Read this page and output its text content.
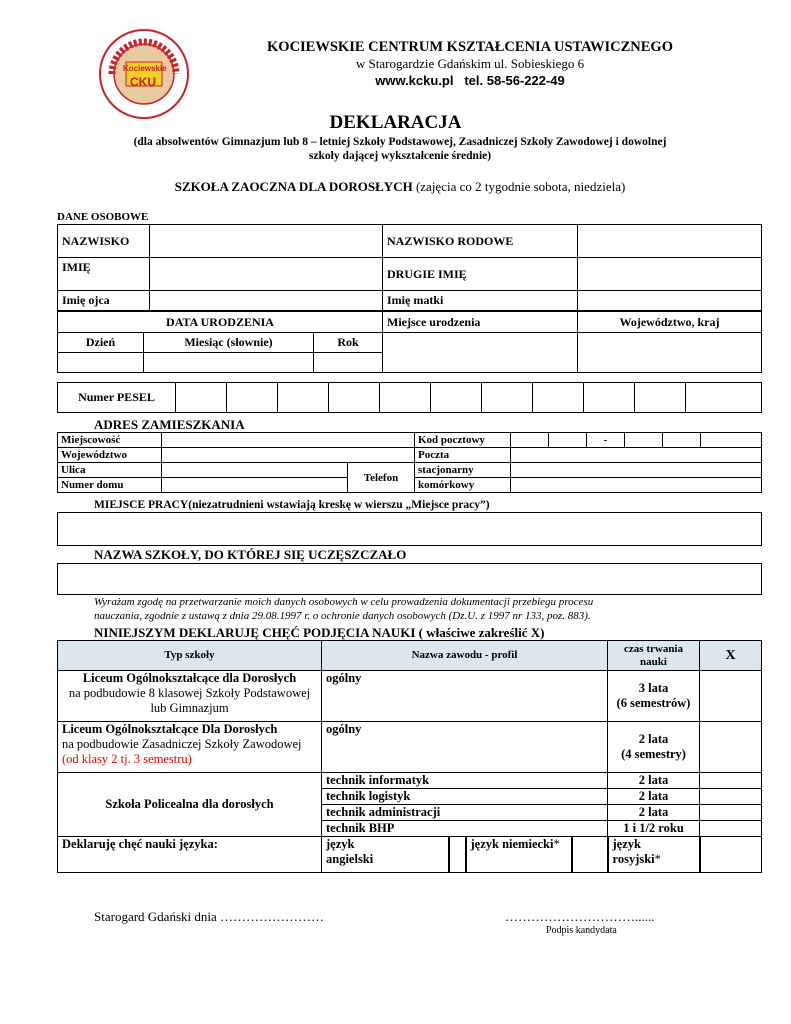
Kociewskie
CKU
KOCIEWSKIE CENTRUM KSZTAŁCENIA USTAWICZNEGO
w Starogardzie Gdańskim ul. Sobieskiego 6
www.kcku.pl   tel. 58-56-222-49
DEKLARACJA
(dla absolwentów Gimnazjum lub 8 – letniej Szkoły Podstawowej, Zasadniczej Szkoły Zawodowej i dowolnej
szkoły dającej wykształcenie średnie)
SZKOŁA ZAOCZNA DLA DOROSŁYCH (zajęcia co 2 tygodnie sobota, niedziela)
DANE OSOBOWE
NAZWISKO		NAZWISKO RODOWE	
IMIĘ		DRUGIE IMIĘ	
Imię ojca		Imię matki	
DATA URODZENIA			Miejsce urodzenia	Województwo, kraj
Dzień	Miesiąc (słownie)	Rok		

Numer PESEL											
ADRES ZAMIESZKANIA
Miejscowość			Kod pocztowy			-			
Województwo			Poczta						
Ulica		Telefon	stacjonarny						
Numer domu			komórkowy						
MIEJSCE PRACY(niezatrudnieni wstawiają kreskę w wierszu „Miejsce pracy”)
NAZWA SZKOŁY, DO KTÓREJ SIĘ UCZĘSZCZAŁO
Wyrażam zgodę na przetwarzanie moich danych osobowych w celu prowadzenia dokumentacji przebiegu procesu
nauczania, zgodnie z ustawą z dnia 29.08.1997 r. o ochronie danych osobowych (Dz.U. z 1997 nr 133, poz. 883).
NINIEJSZYM DEKLARUJĘ CHĘĆ PODJĘCIA NAUKI ( właściwe zakreślić X)
Typ szkoły	Nazwa zawodu - profil				czas trwania nauki	X
Liceum Ogólnokształcące dla Dorosłych
na podbudowie 8 klasowej Szkoły Podstawowej lub Gimnazjum	ogólny				3 lata
(6 semestrów)	
Liceum Ogólnokształcące Dla Dorosłych
na podbudowie Zasadniczej Szkoły Zawodowej (od klasy 2 tj. 3 semestru)	ogólny				2 lata
(4 semestry)	
Szkoła Policealna dla dorosłych	technik informatyk				2 lata	
	technik logistyk				2 lata	
	technik administracji				2 lata	
	technik BHP				1 i 1/2 roku	
Deklaruję chęć nauki języka:	język
angielski		język niemiecki*		język
rosyjski*	
Starogard Gdański dnia ……………………	…………………………......
Podpis kandydata
